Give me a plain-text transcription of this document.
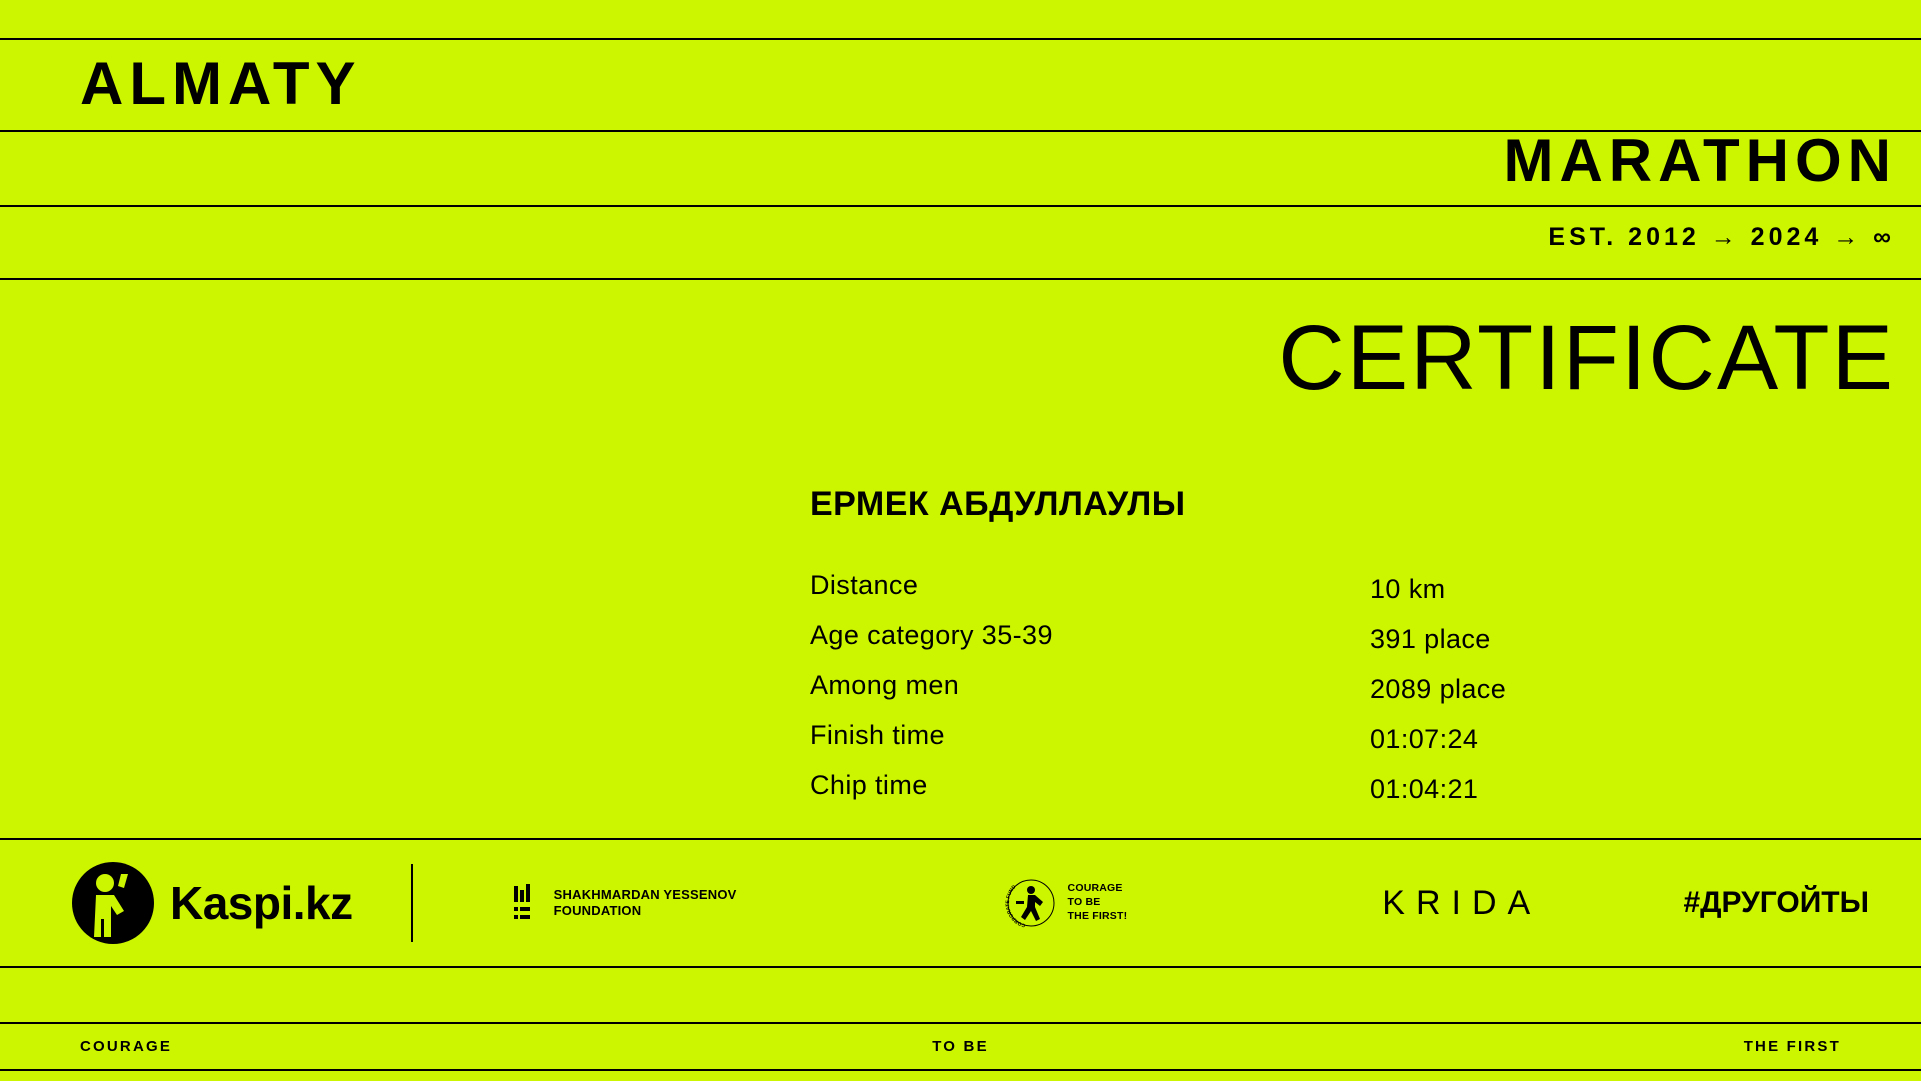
ALMATY
MARATHON
EST. 2012 → 2024 → ∞
CERTIFICATE
ЕРМЕК АБДУЛЛАУЛЫ
Distance	10 km
Age category 35-39	391 place
Among men	2089 place
Finish time	01:07:24
Chip time	01:04:21
Kaspi.kz	SHAKHMARDAN YESSENOV
FOUNDATION
CORPORATE FUND	COURAGE
TO BE
THE FIRST!	KRIDA	#ДРУГОЙТЫ
COURAGE	TO BE	THE FIRST
